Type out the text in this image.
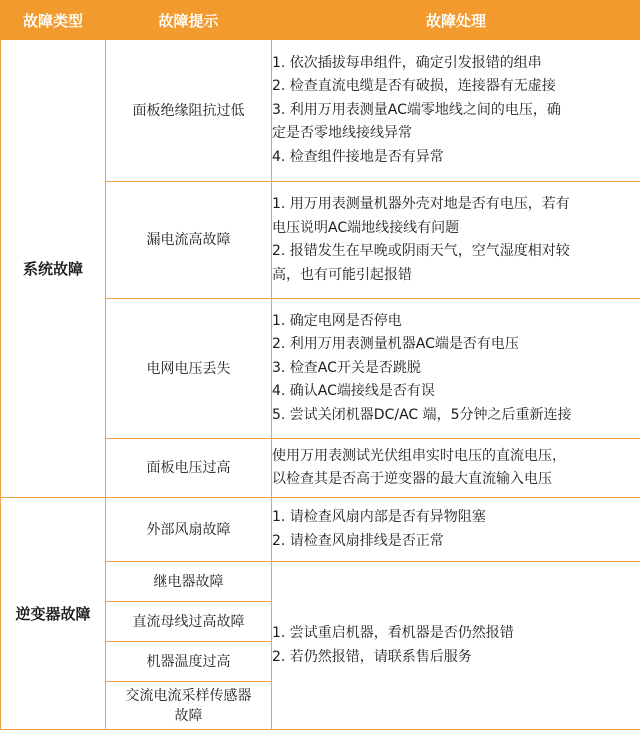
故障类型	故障提示	故障处理
系统故障	面板绝缘阻抗过低	1. 依次插拔每串组件，确定引发报错的组串
2. 检查直流电缆是否有破损，连接器有无虚接
3. 利用万用表测量AC端零地线之间的电压，确
定是否零地线接线异常
4. 检查组件接地是否有异常

	漏电流高故障	1. 用万用表测量机器外壳对地是否有电压，若有
电压说明AC端地线接线有问题
2. 报错发生在早晚或阴雨天气，空气湿度相对较
高，也有可能引起报错

	电网电压丢失	1. 确定电网是否停电
2. 利用万用表测量机器AC端是否有电压
3. 检查AC开关是否跳脱
4. 确认AC端接线是否有误
5. 尝试关闭机器DC/AC 端，5分钟之后重新连接

	面板电压过高	使用万用表测试光伏组串实时电压的直流电压，
以检查其是否高于逆变器的最大直流输入电压

逆变器故障	外部风扇故障	1. 请检查风扇内部是否有异物阻塞
2. 请检查风扇排线是否正常

	继电器故障	1. 尝试重启机器，看机器是否仍然报错
2. 若仍然报错，请联系售后服务

	直流母线过高故障	
	机器温度过高	

	交流电流采样传感器
故障	
